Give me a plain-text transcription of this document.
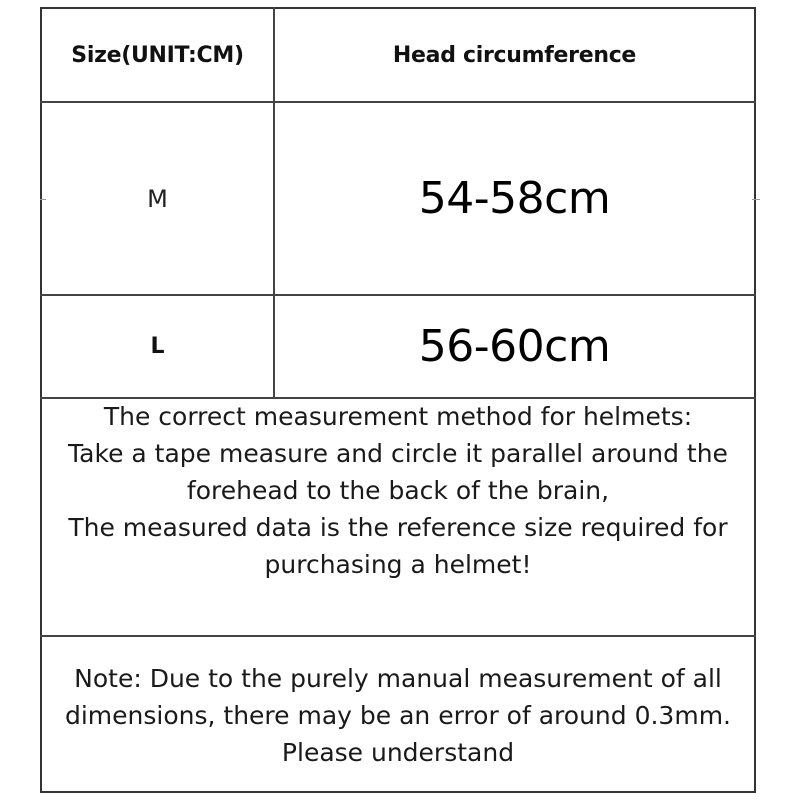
Size(UNIT:CM)	Head circumference
M	54-58cm
L	56-60cm
The correct measurement method for helmets:
Take a tape measure and circle it parallel around the
forehead to the back of the brain,
The measured data is the reference size required for
purchasing a helmet!
Note: Due to the purely manual measurement of all
dimensions, there may be an error of around 0.3mm.
Please understand
